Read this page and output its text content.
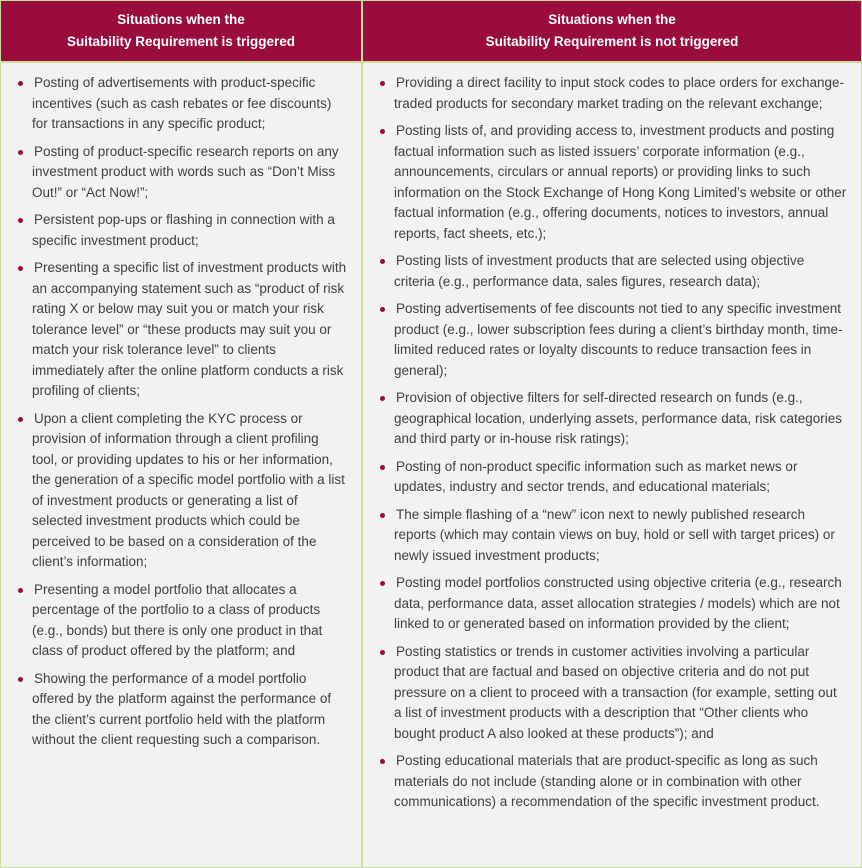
Situations when the
Suitability Requirement is triggered
Situations when the
Suitability Requirement is not triggered
Posting of advertisements with product-specific incentives (such as cash rebates or fee discounts) for transactions in any specific product;
Posting of product-specific research reports on any investment product with words such as “Don’t Miss Out!” or “Act Now!”;
Persistent pop-ups or flashing in connection with a specific investment product;
Presenting a specific list of investment products with an accompanying statement such as “product of risk rating X or below may suit you or match your risk tolerance level” or “these products may suit you or match your risk tolerance level” to clients immediately after the online platform conducts a risk profiling of clients;
Upon a client completing the KYC process or provision of information through a client profiling tool, or providing updates to his or her information, the generation of a specific model portfolio with a list of investment products or generating a list of selected investment products which could be perceived to be based on a consideration of the client’s information;
Presenting a model portfolio that allocates a percentage of the portfolio to a class of products (e.g., bonds) but there is only one product in that class of product offered by the platform; and
Showing the performance of a model portfolio offered by the platform against the performance of the client’s current portfolio held with the platform without the client requesting such a comparison.
Providing a direct facility to input stock codes to place orders for exchange-traded products for secondary market trading on the relevant exchange;
Posting lists of, and providing access to, investment products and posting factual information such as listed issuers’ corporate information (e.g., announcements, circulars or annual reports) or providing links to such information on the Stock Exchange of Hong Kong Limited’s website or other factual information (e.g., offering documents, notices to investors, annual reports, fact sheets, etc.);
Posting lists of investment products that are selected using objective criteria (e.g., performance data, sales figures, research data);
Posting advertisements of fee discounts not tied to any specific investment product (e.g., lower subscription fees during a client’s birthday month, time-limited reduced rates or loyalty discounts to reduce transaction fees in general);
Provision of objective filters for self-directed research on funds (e.g., geographical location, underlying assets, performance data, risk categories and third party or in-house risk ratings);
Posting of non-product specific information such as market news or updates, industry and sector trends, and educational materials;
The simple flashing of a “new” icon next to newly published research reports (which may contain views on buy, hold or sell with target prices) or newly issued investment products;
Posting model portfolios constructed using objective criteria (e.g., research data, performance data, asset allocation strategies / models) which are not linked to or generated based on information provided by the client;
Posting statistics or trends in customer activities involving a particular product that are factual and based on objective criteria and do not put pressure on a client to proceed with a transaction (for example, setting out a list of investment products with a description that “Other clients who bought product A also looked at these products”); and
Posting educational materials that are product-specific as long as such materials do not include (standing alone or in combination with other communications) a recommendation of the specific investment product.
